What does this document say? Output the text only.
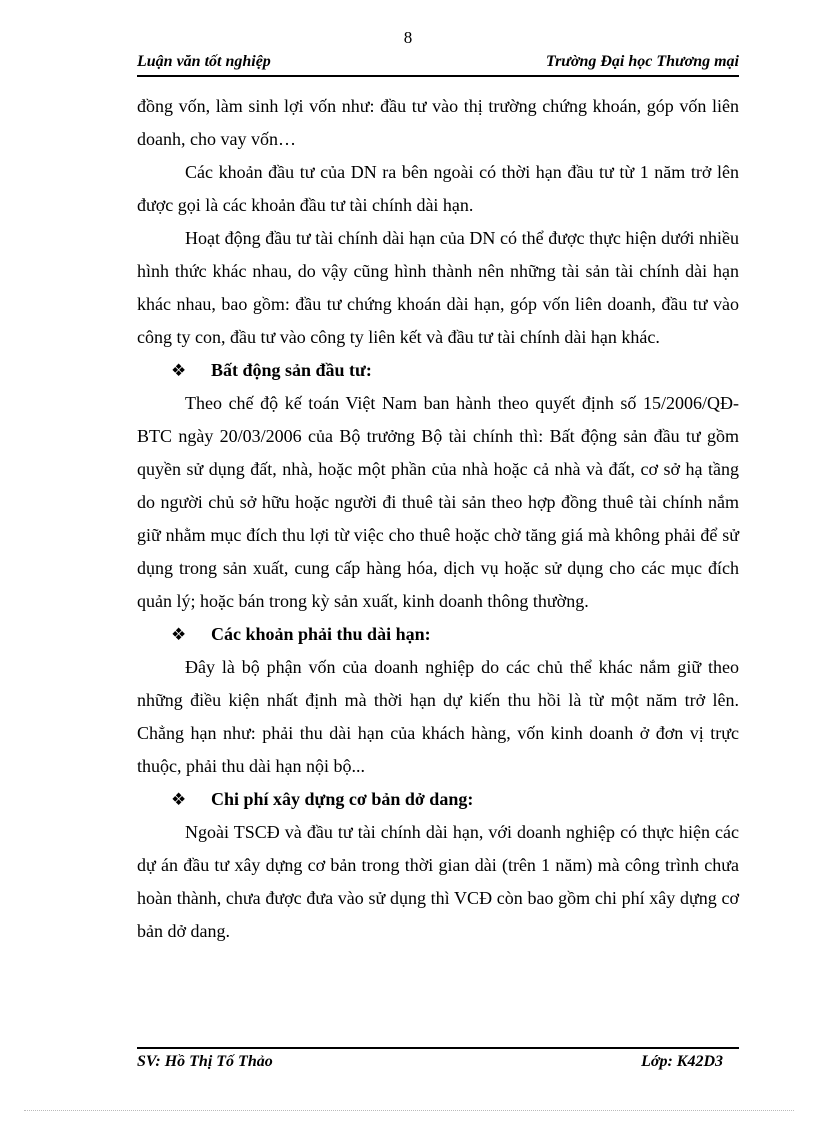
8
Luận văn tốt nghiệp	Trường Đại học Thương mại

đồng vốn, làm sinh lợi vốn như: đầu tư vào thị trường chứng khoán, góp vốn liên doanh, cho vay vốn…

Các khoản đầu tư của DN ra bên ngoài có thời hạn đầu tư từ 1 năm trở lên được gọi là các khoản đầu tư tài chính dài hạn.

Hoạt động đầu tư tài chính dài hạn của DN có thể được thực hiện dưới nhiều hình thức khác nhau, do vậy cũng hình thành nên những tài sản tài chính dài hạn khác nhau, bao gồm: đầu tư chứng khoán dài hạn, góp vốn liên doanh, đầu tư vào công ty con, đầu tư vào công ty liên kết và đầu tư tài chính dài hạn khác.

❖ Bất động sản đầu tư:

Theo chế độ kế toán Việt Nam ban hành theo quyết định số 15/2006/QĐ-BTC ngày 20/03/2006 của Bộ trưởng Bộ tài chính thì: Bất động sản đầu tư gồm quyền sử dụng đất, nhà, hoặc một phần của nhà hoặc cả nhà và đất, cơ sở hạ tầng do người chủ sở hữu hoặc người đi thuê tài sản theo hợp đồng thuê tài chính nắm giữ nhằm mục đích thu lợi từ việc cho thuê hoặc chờ tăng giá mà không phải để sử dụng trong sản xuất, cung cấp hàng hóa, dịch vụ hoặc sử dụng cho các mục đích quản lý; hoặc bán trong kỳ sản xuất, kinh doanh thông thường.

❖ Các khoản phải thu dài hạn:

Đây là bộ phận vốn của doanh nghiệp do các chủ thể khác nắm giữ theo những điều kiện nhất định mà thời hạn dự kiến thu hồi là từ một năm trở lên. Chẳng hạn như: phải thu dài hạn của khách hàng, vốn kinh doanh ở đơn vị trực thuộc, phải thu dài hạn nội bộ...

❖ Chi phí xây dựng cơ bản dở dang:

Ngoài TSCĐ và đầu tư tài chính dài hạn, với doanh nghiệp có thực hiện các dự án đầu tư xây dựng cơ bản trong thời gian dài (trên 1 năm) mà công trình chưa hoàn thành, chưa được đưa vào sử dụng thì VCĐ còn bao gồm chi phí xây dựng cơ bản dở dang.

SV: Hồ Thị Tố Thảo	Lớp: K42D3
